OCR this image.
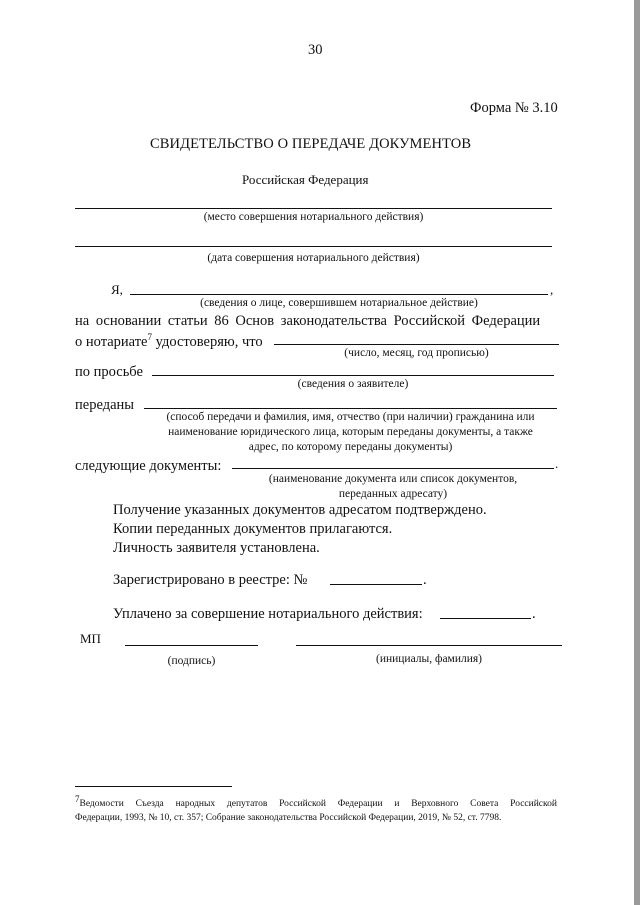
30
Форма № 3.10
СВИДЕТЕЛЬСТВО О ПЕРЕДАЧЕ ДОКУМЕНТОВ
Российская Федерация
(место совершения нотариального действия)
(дата совершения нотариального действия)
Я,	,
(сведения о лице, совершившем нотариальное действие)
на основании статьи 86 Основ законодательства Российской Федерации
о нотариате$^7$ удостоверяю, что
(число, месяц, год прописью)
по просьбе
(сведения о заявителе)
переданы
(способ передачи и фамилия, имя, отчество (при наличии) гражданина или
наименование юридического лица, которым переданы документы, а также
адрес, по которому переданы документы)
следующие документы:	.
(наименование документа или список документов,
переданных адресату)
Получение указанных документов адресатом подтверждено.
Копии переданных документов прилагаются.
Личность заявителя установлена.
Зарегистрировано в реестре: №	.
Уплачено за совершение нотариального действия:	.
МП
(подпись)	(инициалы, фамилия)
$^7$Ведомости Съезда народных депутатов Российской Федерации и Верховного Совета Российской
Федерации, 1993, № 10, ст. 357; Собрание законодательства Российской Федерации, 2019, № 52, ст. 7798.
